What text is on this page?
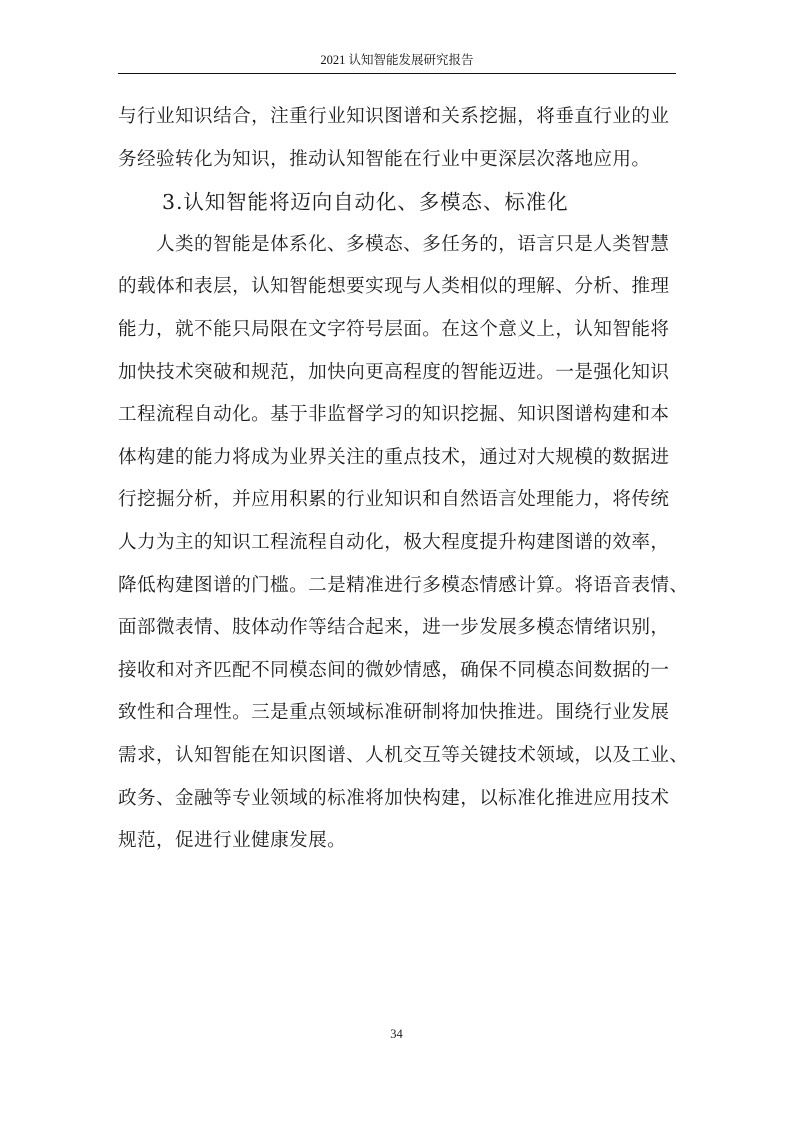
2021 认知智能发展研究报告
与行业知识结合，注重行业知识图谱和关系挖掘，将垂直行业的业
务经验转化为知识，推动认知智能在行业中更深层次落地应用。
3.认知智能将迈向自动化、多模态、标准化
人类的智能是体系化、多模态、多任务的，语言只是人类智慧
的载体和表层，认知智能想要实现与人类相似的理解、分析、推理
能力，就不能只局限在文字符号层面。在这个意义上，认知智能将
加快技术突破和规范，加快向更高程度的智能迈进。一是强化知识
工程流程自动化。基于非监督学习的知识挖掘、知识图谱构建和本
体构建的能力将成为业界关注的重点技术，通过对大规模的数据进
行挖掘分析，并应用积累的行业知识和自然语言处理能力，将传统
人力为主的知识工程流程自动化，极大程度提升构建图谱的效率，
降低构建图谱的门槛。二是精准进行多模态情感计算。将语音表情、
面部微表情、肢体动作等结合起来，进一步发展多模态情绪识别，
接收和对齐匹配不同模态间的微妙情感，确保不同模态间数据的一
致性和合理性。三是重点领域标准研制将加快推进。围绕行业发展
需求，认知智能在知识图谱、人机交互等关键技术领域，以及工业、
政务、金融等专业领域的标准将加快构建，以标准化推进应用技术
规范，促进行业健康发展。
34
